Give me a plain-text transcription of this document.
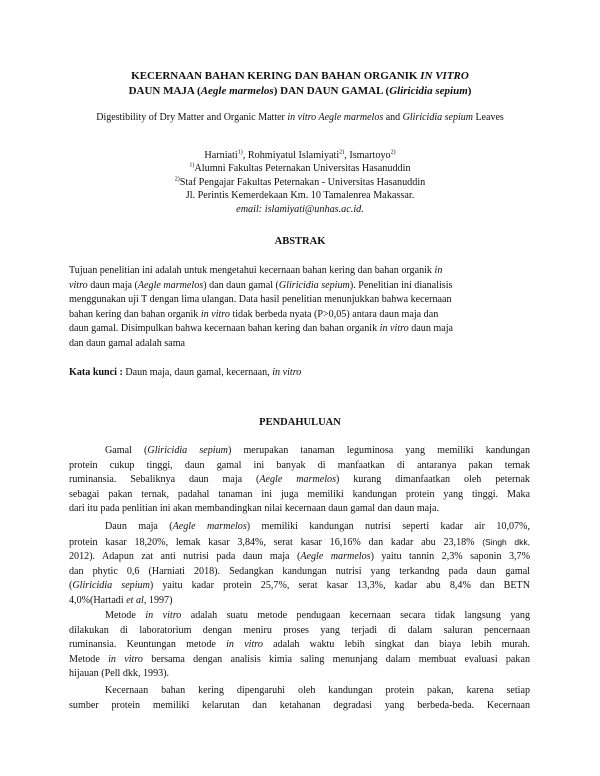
KECERNAAN BAHAN KERING DAN BAHAN ORGANIK IN VITRO
DAUN MAJA (Aegle marmelos) DAN DAUN GAMAL (Gliricidia sepium)
Digestibility of Dry Matter and Organic Matter in vitro Aegle marmelos and Gliricidia sepium Leaves
Harniati$^{1)}$, Rohmiyatul Islamiyati$^{2)}$, Ismartoyo$^{2)}$
$^{1)}$Alumni Fakultas Peternakan Universitas Hasanuddin
$^{2)}$Staf Pengajar Fakultas Peternakan - Universitas Hasanuddin
Jl. Perintis Kemerdekaan Km. 10 Tamalenrea Makassar.
email: islamiyati@unhas.ac.id.
ABSTRAK
Tujuan penelitian ini adalah untuk mengetahui kecernaan bahan kering dan bahan organik in
vitro daun maja (Aegle marmelos) dan daun gamal (Gliricidia sepium). Penelitian ini dianalisis
menggunakan uji T dengan lima ulangan. Data hasil penelitian menunjukkan bahwa kecernaan
bahan kering dan bahan organik in vitro tidak berbeda nyata (P>0,05) antara daun maja dan
daun gamal. Disimpulkan bahwa kecernaan bahan kering dan bahan organik in vitro daun maja
dan daun gamal adalah sama
Kata kunci : Daun maja, daun gamal, kecernaan, in vitro
PENDAHULUAN
Gamal (Gliricidia sepium) merupakan tanaman leguminosa yang memiliki kandungan
protein cukup tinggi, daun gamal ini banyak di manfaatkan di antaranya pakan ternak
ruminansia. Sebaliknya daun maja (Aegle marmelos) kurang dimanfaatkan oleh peternak
sebagai pakan ternak, padahal tanaman ini juga memiliki kandungan protein yang tinggi. Maka
dari itu pada penlitian ini akan membandingkan nilai kecernaan daun gamal dan daun maja.
Daun maja (Aegle marmelos) memiliki kandungan nutrisi seperti kadar air 10,07%,
protein kasar 18,20%, lemak kasar 3,84%, serat kasar 16,16% dan kadar abu 23,18% (Singh dkk,
2012). Adapun zat anti nutrisi pada daun maja (Aegle marmelos) yaitu tannin 2,3% saponin 3,7%
dan phytic 0,6 (Harniati 2018). Sedangkan kandungan nutrisi yang terkandng pada daun gamal
(Gliricidia sepium) yaitu kadar protein 25,7%, serat kasar 13,3%, kadar abu 8,4% dan BETN
4,0%(Hartadi et al, 1997)
Metode in vitro adalah suatu metode pendugaan kecernaan secara tidak langsung yang
dilakukan di laboratorium dengan meniru proses yang terjadi di dalam saluran pencernaan
ruminansia. Keuntungan metode in vitro adalah waktu lebih singkat dan biaya lebih murah.
Metode in vitro bersama dengan analisis kimia saling menunjang dalam membuat evaluasi pakan
hijauan (Pell dkk, 1993).
Kecernaan bahan kering dipengaruhi oleh kandungan protein pakan, karena setiap
sumber protein memiliki kelarutan dan ketahanan degradasi yang berbeda-beda. Kecernaan
